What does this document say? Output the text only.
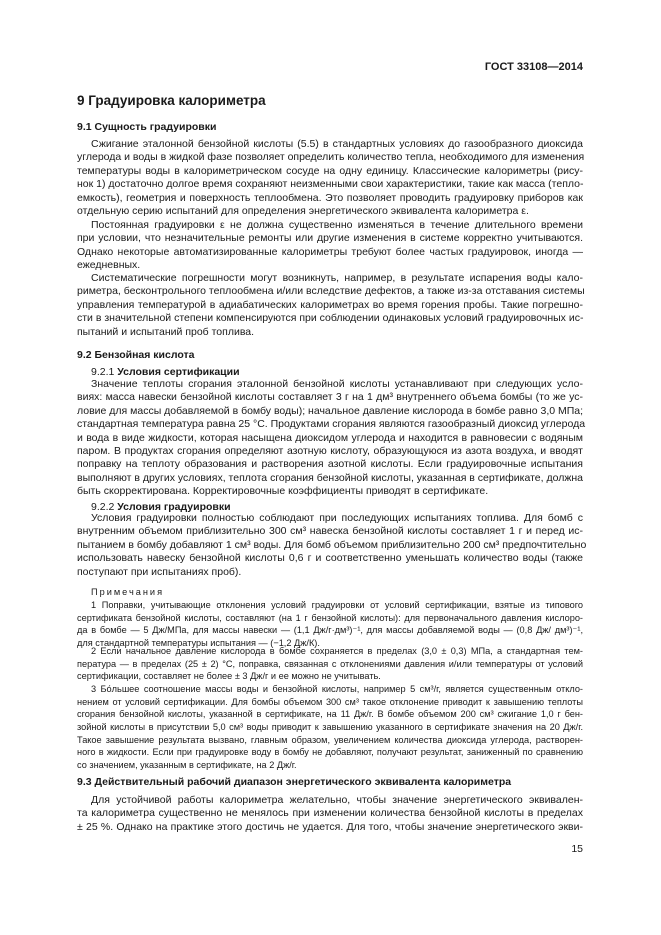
ГОСТ 33108—2014
9 Градуировка калориметра
9.1 Сущность градуировки
Сжигание эталонной бензойной кислоты (5.5) в стандартных условиях до газообразного диоксида
углерода и воды в жидкой фазе позволяет определить количество тепла, необходимого для изменения
температуры воды в калориметрическом сосуде на одну единицу. Классические калориметры (рису-
нок 1) достаточно долгое время сохраняют неизменными свои характеристики, такие как масса (тепло-
емкость), геометрия и поверхность теплообмена. Это позволяет проводить градуировку приборов как
отдельную серию испытаний для определения энергетического эквивалента калориметра ε.
Постоянная градуировки ε не должна существенно изменяться в течение длительного времени
при условии, что незначительные ремонты или другие изменения в системе корректно учитываются.
Однако некоторые автоматизированные калориметры требуют более частых градуировок, иногда —
ежедневных.
Систематические погрешности могут возникнуть, например, в результате испарения воды кало-
риметра, бесконтрольного теплообмена и/или вследствие дефектов, а также из-за отставания системы
управления температурой в адиабатических калориметрах во время горения пробы. Такие погрешно-
сти в значительной степени компенсируются при соблюдении одинаковых условий градуировочных ис-
пытаний и испытаний проб топлива.
9.2 Бензойная кислота
9.2.1 Условия сертификации
Значение теплоты сгорания эталонной бензойной кислоты устанавливают при следующих усло-
виях: масса навески бензойной кислоты составляет 3 г на 1 дм³ внутреннего объема бомбы (то же ус-
ловие для массы добавляемой в бомбу воды); начальное давление кислорода в бомбе равно 3,0 МПа;
стандартная температура равна 25 °С. Продуктами сгорания являются газообразный диоксид углерода
и вода в виде жидкости, которая насыщена диоксидом углерода и находится в равновесии с водяным
паром. В продуктах сгорания определяют азотную кислоту, образующуюся из азота воздуха, и вводят
поправку на теплоту образования и растворения азотной кислоты. Если градуировочные испытания
выполняют в других условиях, теплота сгорания бензойной кислоты, указанная в сертификате, должна
быть скорректирована. Корректировочные коэффициенты приводят в сертификате.
9.2.2 Условия градуировки
Условия градуировки полностью соблюдают при последующих испытаниях топлива. Для бомб с
внутренним объемом приблизительно 300 см³ навеска бензойной кислоты составляет 1 г и перед ис-
пытанием в бомбу добавляют 1 см³ воды. Для бомб объемом приблизительно 200 см³ предпочтительно
использовать навеску бензойной кислоты 0,6 г и соответственно уменьшать количество воды (также
поступают при испытаниях проб).
Примечания
1 Поправки, учитывающие отклонения условий градуировки от условий сертификации, взятые из типового
сертификата бензойной кислоты, составляют (на 1 г бензойной кислоты): для первоначального давления кислоро-
да в бомбе — 5 Дж/МПа, для массы навески — (1,1 Дж/г·дм³)⁻¹, для массы добавляемой воды — (0,8 Дж/ дм³)⁻¹,
для стандартной температуры испытания — (−1,2 Дж/К).
2 Если начальное давление кислорода в бомбе сохраняется в пределах (3,0 ± 0,3) МПа, а стандартная тем-
пература — в пределах (25 ± 2) °С, поправка, связанная с отклонениями давления и/или температуры от условий
сертификации, составляет не более ± 3 Дж/г и ее можно не учитывать.
3 Бо́льшее соотношение массы воды и бензойной кислоты, например 5 см³/г, является существенным откло-
нением от условий сертификации. Для бомбы объемом 300 см³ такое отклонение приводит к завышению теплоты
сгорания бензойной кислоты, указанной в сертификате, на 11 Дж/г. В бомбе объемом 200 см³ сжигание 1,0 г бен-
зойной кислоты в присутствии 5,0 см³ воды приводит к завышению указанного в сертификате значения на 20 Дж/г.
Такое завышение результата вызвано, главным образом, увеличением количества диоксида углерода, растворен-
ного в жидкости. Если при градуировке воду в бомбу не добавляют, получают результат, заниженный по сравнению
со значением, указанным в сертификате, на 2 Дж/г.
9.3 Действительный рабочий диапазон энергетического эквивалента калориметра
Для устойчивой работы калориметра желательно, чтобы значение энергетического эквивален-
та калориметра существенно не менялось при изменении количества бензойной кислоты в пределах
± 25 %. Однако на практике этого достичь не удается. Для того, чтобы значение энергетического экви-
15
